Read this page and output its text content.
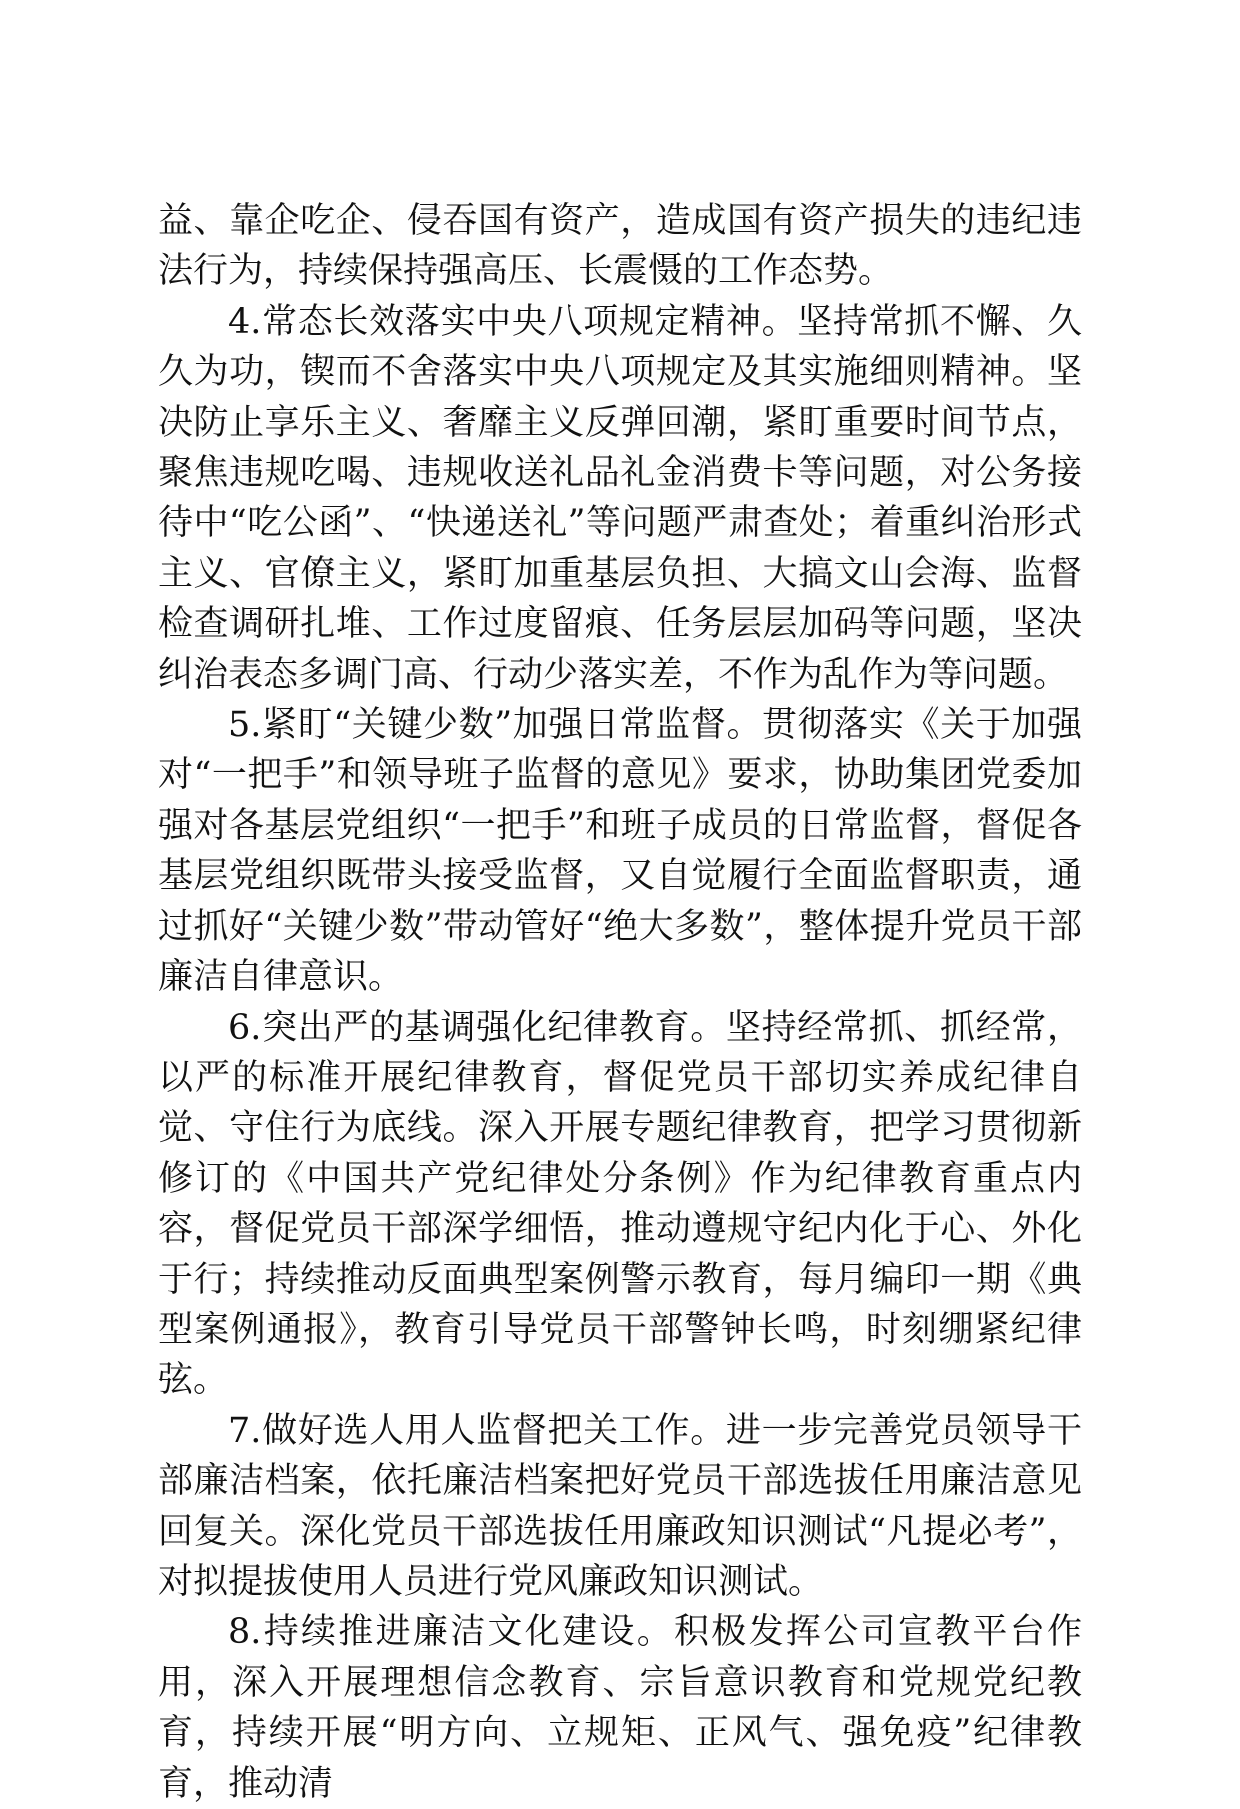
益、靠企吃企、侵吞国有资产，造成国有资产损失的违纪违法行为，持续保持强高压、长震慑的工作态势。

4.常态长效落实中央八项规定精神。坚持常抓不懈、久久为功，锲而不舍落实中央八项规定及其实施细则精神。坚决防止享乐主义、奢靡主义反弹回潮，紧盯重要时间节点，聚焦违规吃喝、违规收送礼品礼金消费卡等问题，对公务接待中“吃公函”、“快递送礼”等问题严肃查处；着重纠治形式主义、官僚主义，紧盯加重基层负担、大搞文山会海、监督检查调研扎堆、工作过度留痕、任务层层加码等问题，坚决纠治表态多调门高、行动少落实差，不作为乱作为等问题。

5.紧盯“关键少数”加强日常监督。贯彻落实《关于加强对“一把手”和领导班子监督的意见》要求，协助集团党委加强对各基层党组织“一把手”和班子成员的日常监督，督促各基层党组织既带头接受监督，又自觉履行全面监督职责，通过抓好“关键少数”带动管好“绝大多数”，整体提升党员干部廉洁自律意识。

6.突出严的基调强化纪律教育。坚持经常抓、抓经常，以严的标准开展纪律教育，督促党员干部切实养成纪律自觉、守住行为底线。深入开展专题纪律教育，把学习贯彻新修订的《中国共产党纪律处分条例》作为纪律教育重点内容，督促党员干部深学细悟，推动遵规守纪内化于心、外化于行；持续推动反面典型案例警示教育，每月编印一期《典型案例通报》，教育引导党员干部警钟长鸣，时刻绷紧纪律弦。

7.做好选人用人监督把关工作。进一步完善党员领导干部廉洁档案，依托廉洁档案把好党员干部选拔任用廉洁意见回复关。深化党员干部选拔任用廉政知识测试“凡提必考”，对拟提拔使用人员进行党风廉政知识测试。

8.持续推进廉洁文化建设。积极发挥公司宣教平台作用，深入开展理想信念教育、宗旨意识教育和党规党纪教育，持续开展“明方向、立规矩、正风气、强免疫”纪律教育，推动清
